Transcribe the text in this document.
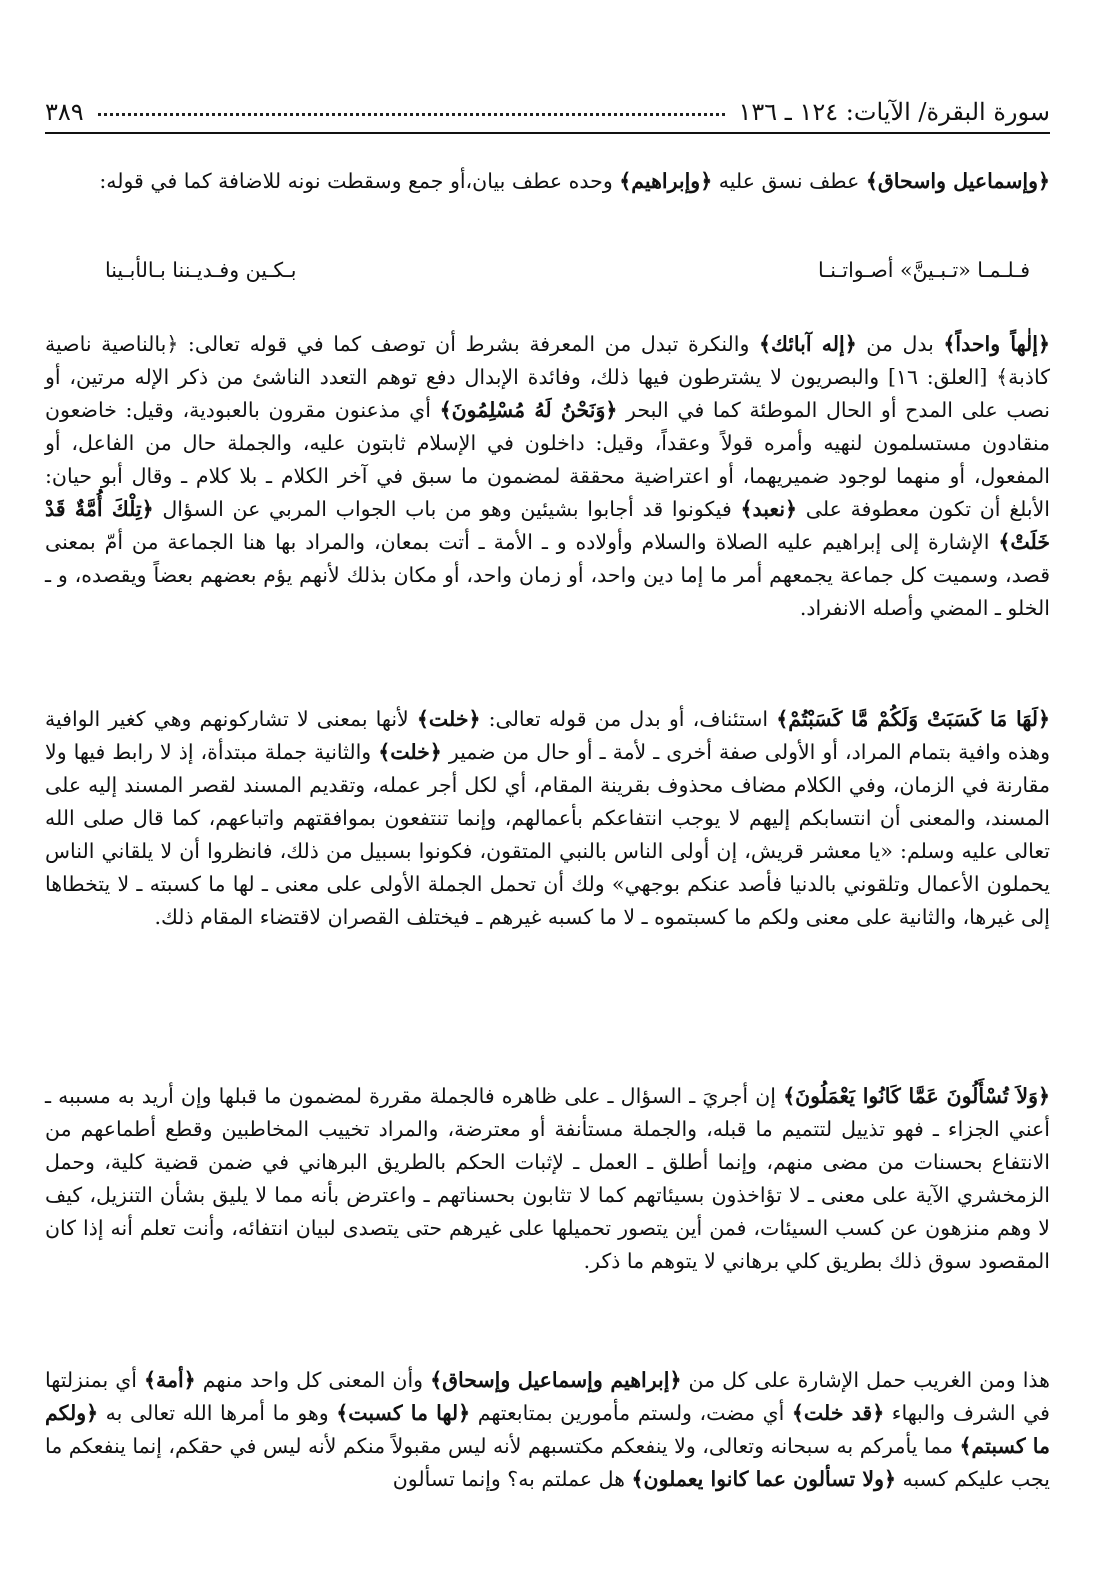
سورة البقرة/ الآيات: ١٢٤ ـ ١٣٦
٣٨٩

﴿وإسماعيل واسحاق﴾ عطف نسق عليه ﴿وإبراهيم﴾ وحده عطف بيان،أو جمع وسقطت نونه للاضافة كما في قوله:

فـلـمـا «تـبـينَّ» أصـواتـنـا
بـكـين وفـديـننا بـالأبـينا

﴿إلٰهاً واحداً﴾ بدل من ﴿إله آبائك﴾ والنكرة تبدل من المعرفة بشرط أن توصف كما في قوله تعالى: ﴿بالناصية ناصية كاذبة﴾ [العلق: ١٦] والبصريون لا يشترطون فيها ذلك، وفائدة الإبدال دفع توهم التعدد الناشئ من ذكر الإله مرتين، أو نصب على المدح أو الحال الموطئة كما في البحر ﴿وَنَحْنُ لَهُ مُسْلِمُونَ﴾ أي مذعنون مقرون بالعبودية، وقيل: خاضعون منقادون مستسلمون لنهيه وأمره قولاً وعقداً، وقيل: داخلون في الإسلام ثابتون عليه، والجملة حال من الفاعل، أو المفعول، أو منهما لوجود ضميريهما، أو اعتراضية محققة لمضمون ما سبق في آخر الكلام ـ بلا كلام ـ وقال أبو حيان: الأبلغ أن تكون معطوفة على ﴿نعبد﴾ فيكونوا قد أجابوا بشيئين وهو من باب الجواب المربي عن السؤال ﴿تِلْكَ أُمَّةٌ قَدْ خَلَتْ﴾ الإشارة إلى إبراهيم عليه الصلاة والسلام وأولاده و ـ الأمة ـ أتت بمعان، والمراد بها هنا الجماعة من أمّ بمعنى قصد، وسميت كل جماعة يجمعهم أمر ما إما دين واحد، أو زمان واحد، أو مكان بذلك لأنهم يؤم بعضهم بعضاً ويقصده، و ـ الخلو ـ المضي وأصله الانفراد.

﴿لَهَا مَا كَسَبَتْ وَلَكُمْ مَّا كَسَبْتُمْ﴾ استئناف، أو بدل من قوله تعالى: ﴿خلت﴾ لأنها بمعنى لا تشاركونهم وهي كغير الوافية وهذه وافية بتمام المراد، أو الأولى صفة أخرى ـ لأمة ـ أو حال من ضمير ﴿خلت﴾ والثانية جملة مبتدأة، إذ لا رابط فيها ولا مقارنة في الزمان، وفي الكلام مضاف محذوف بقرينة المقام، أي لكل أجر عمله، وتقديم المسند لقصر المسند إليه على المسند، والمعنى أن انتسابكم إليهم لا يوجب انتفاعكم بأعمالهم، وإنما تنتفعون بموافقتهم واتباعهم، كما قال صلى الله تعالى عليه وسلم: «يا معشر قريش، إن أولى الناس بالنبي المتقون، فكونوا بسبيل من ذلك، فانظروا أن لا يلقاني الناس يحملون الأعمال وتلقوني بالدنيا فأصد عنكم بوجهي» ولك أن تحمل الجملة الأولى على معنى ـ لها ما كسبته ـ لا يتخطاها إلى غيرها، والثانية على معنى ولكم ما كسبتموه ـ لا ما كسبه غيرهم ـ فيختلف القصران لاقتضاء المقام ذلك.

﴿وَلاَ تُسْأَلُونَ عَمَّا كَانُوا يَعْمَلُونَ﴾ إن أجريَ ـ السؤال ـ على ظاهره فالجملة مقررة لمضمون ما قبلها وإن أريد به مسببه ـ أعني الجزاء ـ فهو تذييل لتتميم ما قبله، والجملة مستأنفة أو معترضة، والمراد تخييب المخاطبين وقطع أطماعهم من الانتفاع بحسنات من مضى منهم، وإنما أطلق ـ العمل ـ لإثبات الحكم بالطريق البرهاني في ضمن قضية كلية، وحمل الزمخشري الآية على معنى ـ لا تؤاخذون بسيئاتهم كما لا تثابون بحسناتهم ـ واعترض بأنه مما لا يليق بشأن التنزيل، كيف لا وهم منزهون عن كسب السيئات، فمن أين يتصور تحميلها على غيرهم حتى يتصدى لبيان انتفائه، وأنت تعلم أنه إذا كان المقصود سوق ذلك بطريق كلي برهاني لا يتوهم ما ذكر.

هذا ومن الغريب حمل الإشارة على كل من ﴿إبراهيم وإسماعيل وإسحاق﴾ وأن المعنى كل واحد منهم ﴿أمة﴾ أي بمنزلتها في الشرف والبهاء ﴿قد خلت﴾ أي مضت، ولستم مأمورين بمتابعتهم ﴿لها ما كسبت﴾ وهو ما أمرها الله تعالى به ﴿ولكم ما كسبتم﴾ مما يأمركم به سبحانه وتعالى، ولا ينفعكم مكتسبهم لأنه ليس مقبولاً منكم لأنه ليس في حقكم، إنما ينفعكم ما يجب عليكم كسبه ﴿ولا تسألون عما كانوا يعملون﴾ هل عملتم به؟ وإنما تسألون
